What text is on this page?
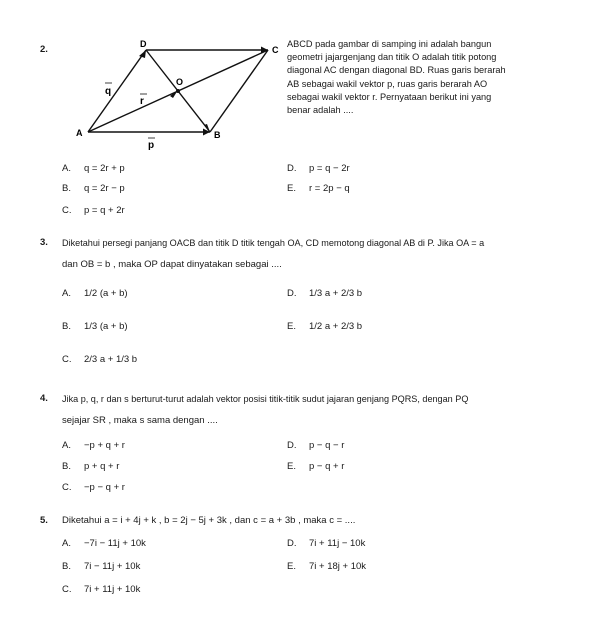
2.
A	B
C
D
O
q
r
p
ABCD pada gambar di samping ini adalah bangun
geometri jajargenjang dan titik O adalah titik potong
diagonal AC dengan diagonal BD. Ruas garis berarah
AB sebagai wakil vektor p, ruas garis berarah AO
sebagai wakil vektor r. Pernyataan berikut ini yang
benar adalah ....
A. q = 2r + p
B. q = 2r − p
C. p = q + 2r
D. p = q − 2r
E. r = 2p − q
3. Diketahui persegi panjang OACB dan titik D titik tengah OA, CD memotong diagonal AB di P. Jika OA = a
dan OB = b , maka OP dapat dinyatakan sebagai ....
A. 1/2 (a + b)
B. 1/3 (a + b)
C. 2/3 a + 1/3 b
D. 1/3 a + 2/3 b
E. 1/2 a + 2/3 b
4. Jika p, q, r dan s berturut-turut adalah vektor posisi titik-titik sudut jajaran genjang PQRS, dengan PQ
sejajar SR , maka s sama dengan ....
A. −p + q + r
B. p + q + r
C. −p − q + r
D. p − q − r
E. p − q + r
5. Diketahui a = i + 4j + k , b = 2j − 5j + 3k , dan c = a + 3b , maka c = ....
A. −7i − 11j + 10k
B. 7i − 11j + 10k
C. 7i + 11j + 10k
D. 7i + 11j − 10k
E. 7i + 18j + 10k
